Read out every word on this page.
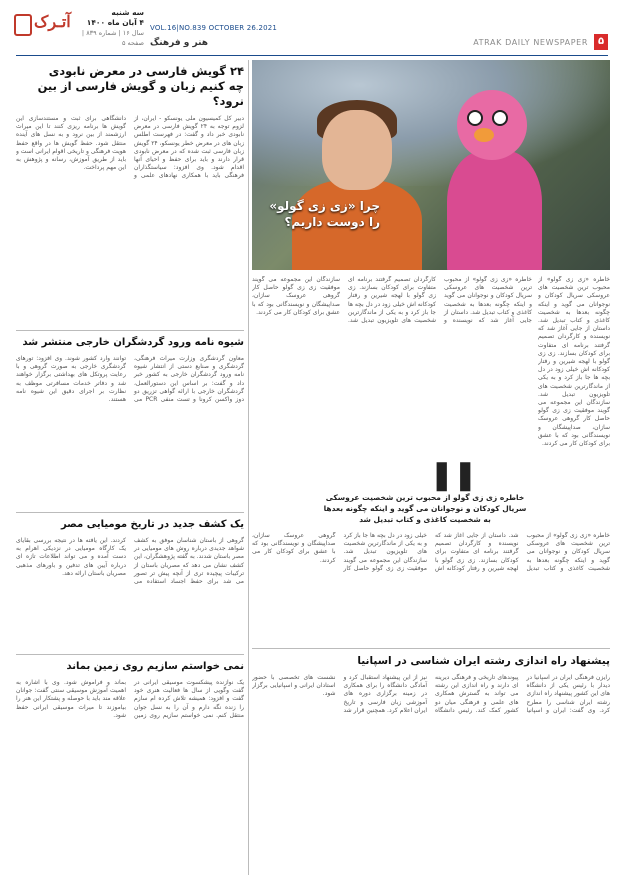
آتـرک	سه شنبه
۴ آبان ماه ۱۴۰۰
سال ۱۶ | شماره ۸۳۹ | صفحه ۵
VOL.16|NO.839 OCTOBER 26.2021
هنر و فرهنگ	ATRAK DAILY NEWSPAPER ۵
۲۴ گویش فارسی در معرض نابودی
چه کنیم زبان و گویش فارسی از بین نرود؟
دبیر کل کمیسیون ملی یونسکو - ایران، از لزوم توجه به ۲۴ گویش فارسی در معرض نابودی خبر داد و گفت: در فهرست اطلس زبان های در معرض خطر یونسکو، ۲۴ گویش زبان فارسی ثبت شده که در معرض نابودی قرار دارند و باید برای حفظ و احیای آنها اقدام شود. وی افزود: سیاستگذاران فرهنگی باید با همکاری نهادهای علمی و دانشگاهی برای ثبت و مستندسازی این گویش ها برنامه ریزی کنند تا این میراث ارزشمند از بین نرود و به نسل های آینده منتقل شود. حفظ گویش ها در واقع حفظ هویت فرهنگی و تاریخی اقوام ایرانی است و باید از طریق آموزش، رسانه و پژوهش به این مهم پرداخت.
شیوه نامه ورود گردشگران خارجی منتشر شد
معاون گردشگری وزارت میراث فرهنگی، گردشگری و صنایع دستی از انتشار شیوه نامه ورود گردشگران خارجی به کشور خبر داد و گفت: بر اساس این دستورالعمل، گردشگران خارجی با ارائه گواهی تزریق دو دوز واکسن کرونا و تست منفی PCR می توانند وارد کشور شوند. وی افزود: تورهای گردشگری خارجی به صورت گروهی و با رعایت پروتکل های بهداشتی برگزار خواهند شد و دفاتر خدمات مسافرتی موظف به نظارت بر اجرای دقیق این شیوه نامه هستند.
یک کشف جدید در تاریخ مومیایی مصر
گروهی از باستان شناسان موفق به کشف شواهد جدیدی درباره روش های مومیایی در مصر باستان شدند. به گفته پژوهشگران، این کشف نشان می دهد که مصریان باستان از ترکیبات پیچیده تری از آنچه پیش تر تصور می شد برای حفظ اجساد استفاده می کردند. این یافته ها در نتیجه بررسی بقایای یک کارگاه مومیایی در نزدیکی اهرام به دست آمده و می تواند اطلاعات تازه ای درباره آیین های تدفین و باورهای مذهبی مصریان باستان ارائه دهد.
نمی خواستم سازیم روی زمین بماند
یک نوازنده پیشکسوت موسیقی ایرانی در گفت وگویی از سال ها فعالیت هنری خود گفت و افزود: همیشه تلاش کرده ام سازم را زنده نگه دارم و آن را به نسل جوان منتقل کنم. نمی خواستم سازیم روی زمین بماند و فراموش شود. وی با اشاره به اهمیت آموزش موسیقی سنتی گفت: جوانان علاقه مند باید با حوصله و پشتکار این هنر را بیاموزند تا میراث موسیقی ایرانی حفظ شود.
چرا «زی زی گولو» را دوست داریم؟
خاطره «زی زی گولو» از محبوب ترین شخصیت های عروسکی سریال کودکان و نوجوانان می گوید و اینکه چگونه بعدها به شخصیت کاغذی و کتاب تبدیل شد. داستان از جایی آغاز شد که نویسنده و کارگردان تصمیم گرفتند برنامه ای متفاوت برای کودکان بسازند. زی زی گولو با لهجه شیرین و رفتار کودکانه اش خیلی زود در دل بچه ها جا باز کرد و به یکی از ماندگارترین شخصیت های تلویزیون تبدیل شد. سازندگان این مجموعه می گویند موفقیت زی زی گولو حاصل کار گروهی عروسک سازان، صداپیشگان و نویسندگانی بود که با عشق برای کودکان کار می کردند.
خاطره «زی زی گولو» از محبوب ترین شخصیت های عروسکی سریال کودکان و نوجوانان می گوید و اینکه چگونه بعدها به شخصیت کاغذی و کتاب تبدیل شد. داستان از جایی آغاز شد که نویسنده و کارگردان تصمیم گرفتند برنامه ای متفاوت برای کودکان بسازند. زی زی گولو با لهجه شیرین و رفتار کودکانه اش خیلی زود در دل بچه ها جا باز کرد و به یکی از ماندگارترین شخصیت های تلویزیون تبدیل شد. سازندگان این مجموعه می گویند موفقیت زی زی گولو حاصل کار گروهی عروسک سازان، صداپیشگان و نویسندگانی بود که با عشق برای کودکان کار می کردند.
❚❚
خاطره زی زی گولو از محبوب ترین شخصیت عروسکی سریال کودکان و نوجوانان می گوید و اینکه چگونه بعدها به شخصیت کاغذی و کتاب تبدیل شد
خاطره «زی زی گولو» از محبوب ترین شخصیت های عروسکی سریال کودکان و نوجوانان می گوید و اینکه چگونه بعدها به شخصیت کاغذی و کتاب تبدیل شد. داستان از جایی آغاز شد که نویسنده و کارگردان تصمیم گرفتند برنامه ای متفاوت برای کودکان بسازند. زی زی گولو با لهجه شیرین و رفتار کودکانه اش خیلی زود در دل بچه ها جا باز کرد و به یکی از ماندگارترین شخصیت های تلویزیون تبدیل شد. سازندگان این مجموعه می گویند موفقیت زی زی گولو حاصل کار گروهی عروسک سازان، صداپیشگان و نویسندگانی بود که با عشق برای کودکان کار می کردند.
پیشنهاد راه اندازی رشته ایران شناسی در اسپانیا
رایزن فرهنگی ایران در اسپانیا در دیدار با رئیس یکی از دانشگاه های این کشور پیشنهاد راه اندازی رشته ایران شناسی را مطرح کرد. وی گفت: ایران و اسپانیا پیوندهای تاریخی و فرهنگی دیرینه ای دارند و راه اندازی این رشته می تواند به گسترش همکاری های علمی و فرهنگی میان دو کشور کمک کند. رئیس دانشگاه نیز از این پیشنهاد استقبال کرد و آمادگی دانشگاه را برای همکاری در زمینه برگزاری دوره های آموزشی زبان فارسی و تاریخ ایران اعلام کرد. همچنین قرار شد نشست های تخصصی با حضور استادان ایرانی و اسپانیایی برگزار شود.
